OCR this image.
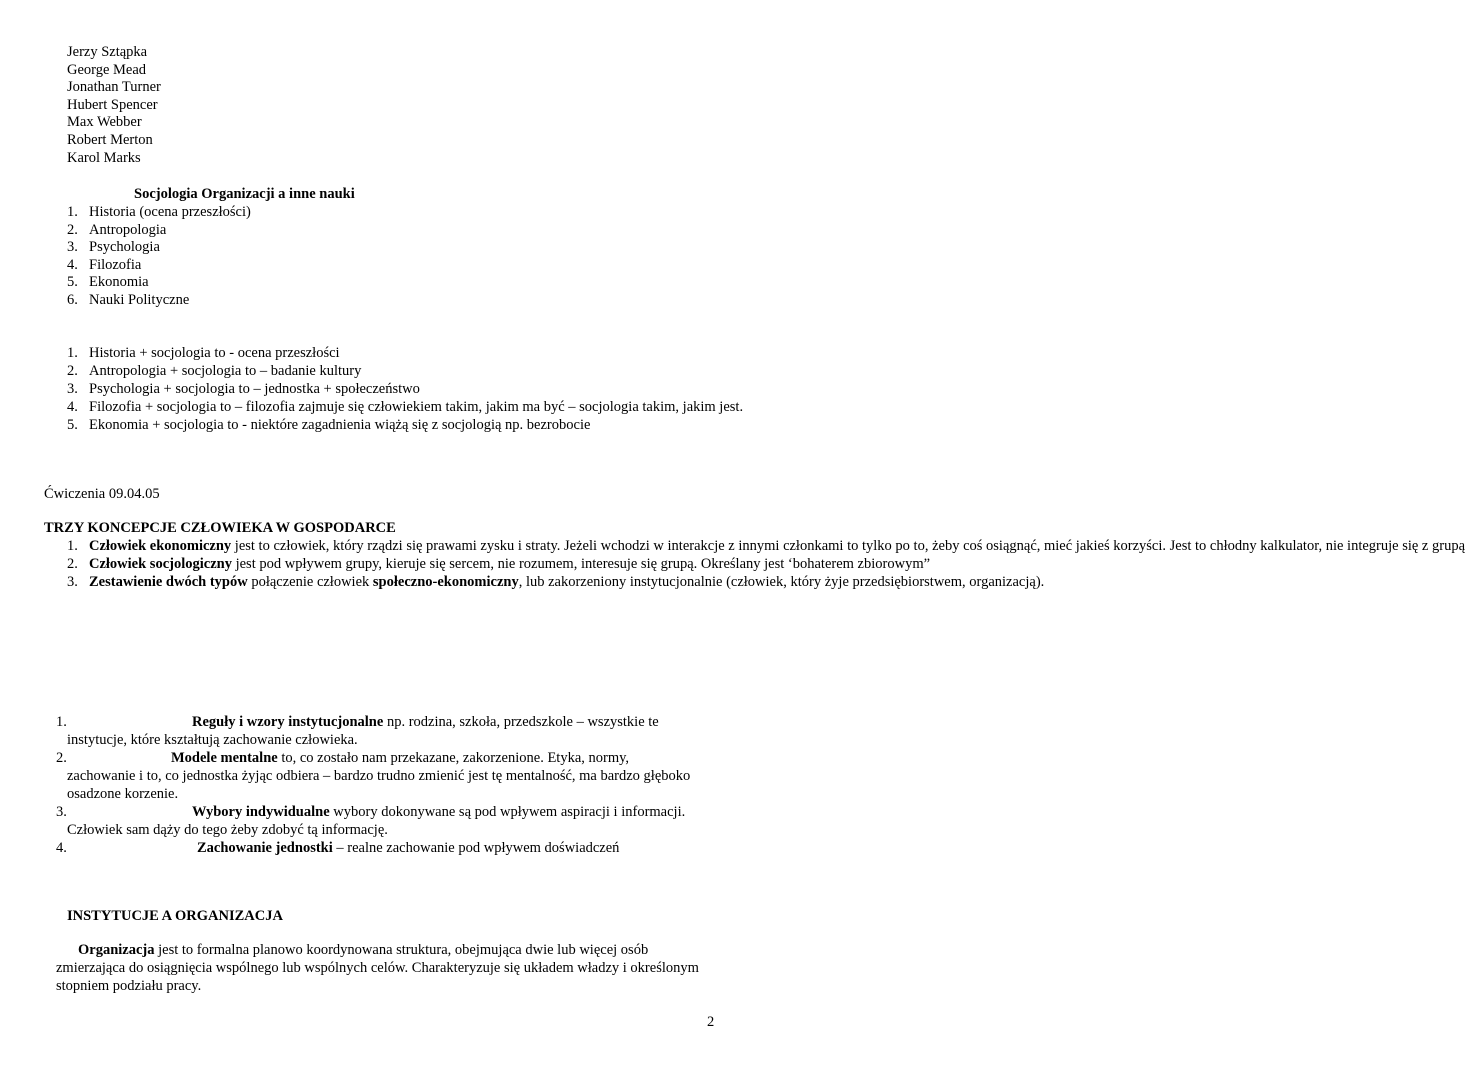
Jerzy Sztąpka
George Mead
Jonathan Turner
Hubert Spencer
Max Webber
Robert Merton
Karol Marks
Socjologia Organizacji a inne nauki
1. Historia (ocena przeszłości)
2. Antropologia
3. Psychologia
4. Filozofia
5. Ekonomia
6. Nauki Polityczne
1. Historia + socjologia to - ocena przeszłości
2. Antropologia + socjologia to – badanie kultury
3. Psychologia + socjologia to – jednostka + społeczeństwo
4. Filozofia + socjologia to – filozofia zajmuje się człowiekiem takim, jakim ma być – socjologia takim, jakim jest.
5. Ekonomia + socjologia to - niektóre zagadnienia wiążą się z socjologią np. bezrobocie
Ćwiczenia 09.04.05
TRZY KONCEPCJE CZŁOWIEKA W GOSPODARCE
1. Człowiek ekonomiczny jest to człowiek, który rządzi się prawami zysku i straty. Jeżeli wchodzi w interakcje z innymi członkami to tylko po to, żeby coś osiągnąć, mieć jakieś korzyści. Jest to chłodny kalkulator, nie integruje się z grupą
2. Człowiek socjologiczny jest pod wpływem grupy, kieruje się sercem, nie rozumem, interesuje się grupą. Określany jest ‘bohaterem zbiorowym”
3. Zestawienie dwóch typów połączenie człowiek społeczno-ekonomiczny, lub zakorzeniony instytucjonalnie (człowiek, który żyje przedsiębiorstwem, organizacją).
1.	Reguły i wzory instytucjonalne np. rodzina, szkoła, przedszkole – wszystkie te
instytucje, które kształtują zachowanie człowieka.
2.	Modele mentalne to, co zostało nam przekazane, zakorzenione. Etyka, normy,
zachowanie i to, co jednostka żyjąc odbiera – bardzo trudno zmienić jest tę mentalność, ma bardzo głęboko osadzone korzenie.
3.	Wybory indywidualne wybory dokonywane są pod wpływem aspiracji i informacji.
Człowiek sam dąży do tego żeby zdobyć tą informację.
4.	Zachowanie jednostki – realne zachowanie pod wpływem doświadczeń
INSTYTUCJE A ORGANIZACJA
Organizacja jest to formalna planowo koordynowana struktura, obejmująca dwie lub więcej osób zmierzająca do osiągnięcia wspólnego lub wspólnych celów. Charakteryzuje się układem władzy i określonym stopniem podziału pracy.
2
